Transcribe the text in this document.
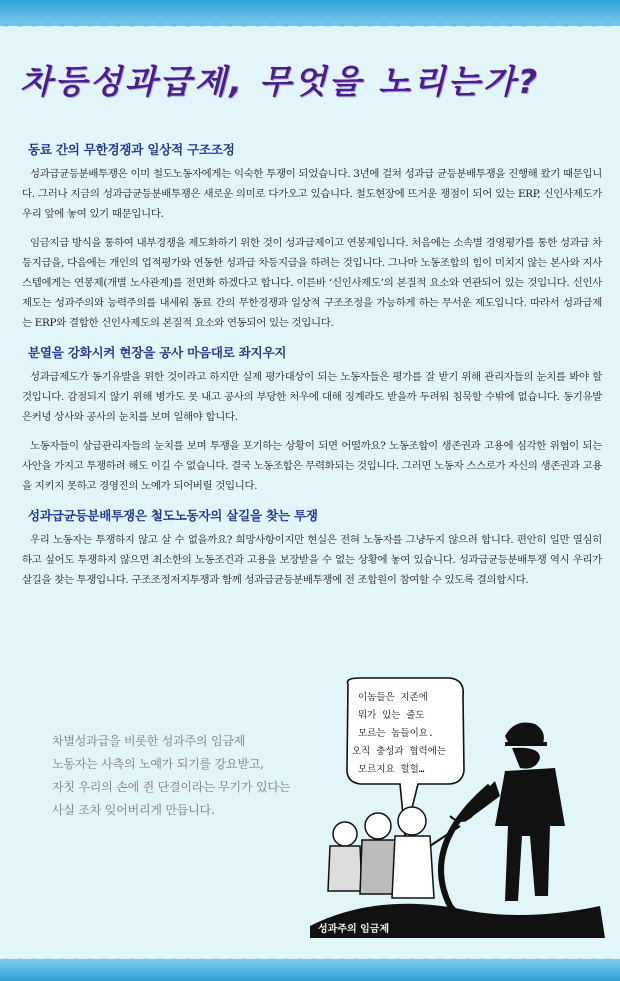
차등성과급제, 무엇을 노리는가?
동료 간의 무한경쟁과 일상적 구조조정

성과급균등분배투쟁은 이미 철도노동자에게는 익숙한 투쟁이 되었습니다. 3년에 걸쳐 성과급 균등분배투쟁을 진행해 왔기 때문입니다. 그러나 지금의 성과급균등분배투쟁은 새로운 의미로 다가오고 있습니다. 철도현장에 뜨거운 쟁점이 되어 있는 ERP, 신인사제도가 우리 앞에 놓여 있기 때문입니다.

임금지급 방식을 통하여 내부경쟁을 제도화하기 위한 것이 성과급제이고 연봉제입니다. 처음에는 소속별 경영평가를 통한 성과급 차등지급을, 다음에는 개인의 업적평가와 연동한 성과급 차등지급을 하려는 것입니다. 그나마 노동조합의 힘이 미치지 않는 본사와 지사 스텝에게는 연봉제(개별 노사관계)를 전면화 하겠다고 합니다. 이른바 ‘신인사제도’의 본질적 요소와 연관되어 있는 것입니다. 신인사제도는 성과주의와 능력주의를 내세워 동료 간의 무한경쟁과 일상적 구조조정을 가능하게 하는 무서운 제도입니다. 따라서 성과급제는 ERP와 결합한 신인사제도의 본질적 요소와 연동되어 있는 것입니다.

분열을 강화시켜 현장을 공사 마음대로 좌지우지

성과급제도가 동기유발을 위한 것이라고 하지만 실제 평가대상이 되는 노동자들은 평가를 잘 받기 위해 관리자들의 눈치를 봐야 할 것입니다. 감점되지 않기 위해 병가도 못 내고 공사의 부당한 처우에 대해 징계라도 받을까 두려워 침묵할 수밖에 없습니다. 동기유발은커녕 상사와 공사의 눈치를 보며 일해야 합니다.

노동자들이 상급관리자들의 눈치를 보며 투쟁을 포기하는 상황이 되면 어떨까요? 노동조합이 생존권과 고용에 심각한 위협이 되는 사안을 가지고 투쟁하려 해도 이길 수 없습니다. 결국 노동조합은 무력화되는 것입니다. 그러면 노동자 스스로가 자신의 생존권과 고용을 지키지 못하고 경영진의 노예가 되어버릴 것입니다.

성과급균등분배투쟁은 철도노동자의 살길을 찾는 투쟁

우리 노동자는 투쟁하지 않고 살 수 없을까요? 희망사항이지만 현실은 전혀 노동자를 그냥두지 않으려 합니다. 편안히 일만 열심히 하고 싶어도 투쟁하지 않으면 최소한의 노동조건과 고용을 보장받을 수 없는 상황에 놓여 있습니다. 성과급균등분배투쟁 역시 우리가 살길을 찾는 투쟁입니다. 구조조정저지투쟁과 함께 성과급균등분배투쟁에 전 조합원이 참여할 수 있도록 결의합시다.

차별성과급을 비롯한 성과주의 임금제
노동자는 사측의 노예가 되기를 강요받고,
자칫 우리의 손에 쥔 단결이라는 무기가 있다는
사실 조차 잊어버리게 만듭니다.

이놈들은 지존에
뭐가 있는 줄도
모르는 놈들이요.
오직 충성과 협력에는
모르지요 헐헐…
성과주의 임금제
